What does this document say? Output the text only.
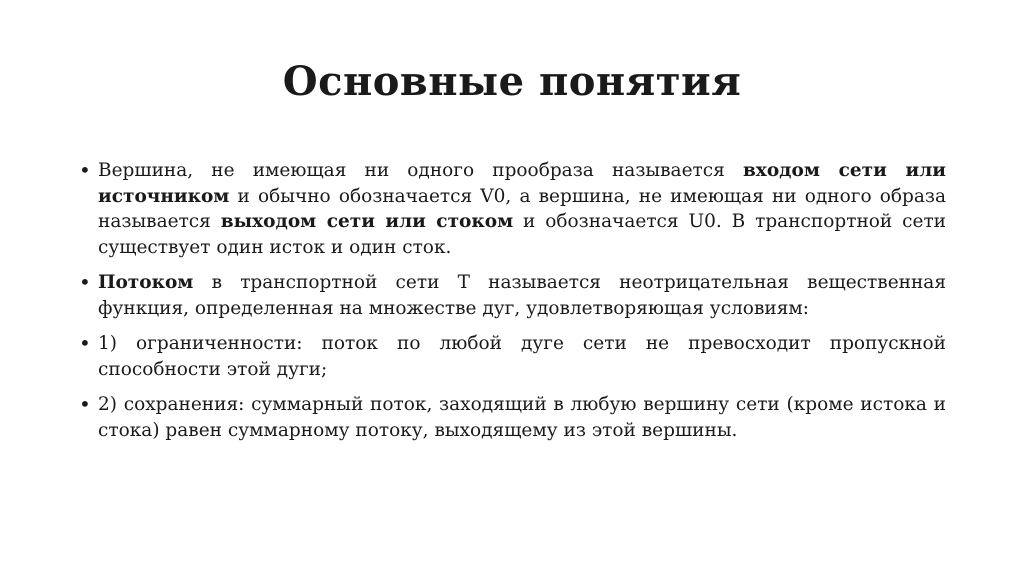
Основные понятия
• Вершина, не имеющая ни одного прообраза называется входом сети или источником и обычно обозначается V0, а вершина, не имеющая ни одного образа называется выходом сети или стоком и обозначается U0. В транспортной сети существует один исток и один сток.
• Потоком в транспортной сети T называется неотрицательная вещественная функция, определенная на множестве дуг, удовлетворяющая условиям:
• 1) ограниченности: поток по любой дуге сети не превосходит пропускной способности этой дуги;
• 2) сохранения: суммарный поток, заходящий в любую вершину сети (кроме истока и стока) равен суммарному потоку, выходящему из этой вершины.
